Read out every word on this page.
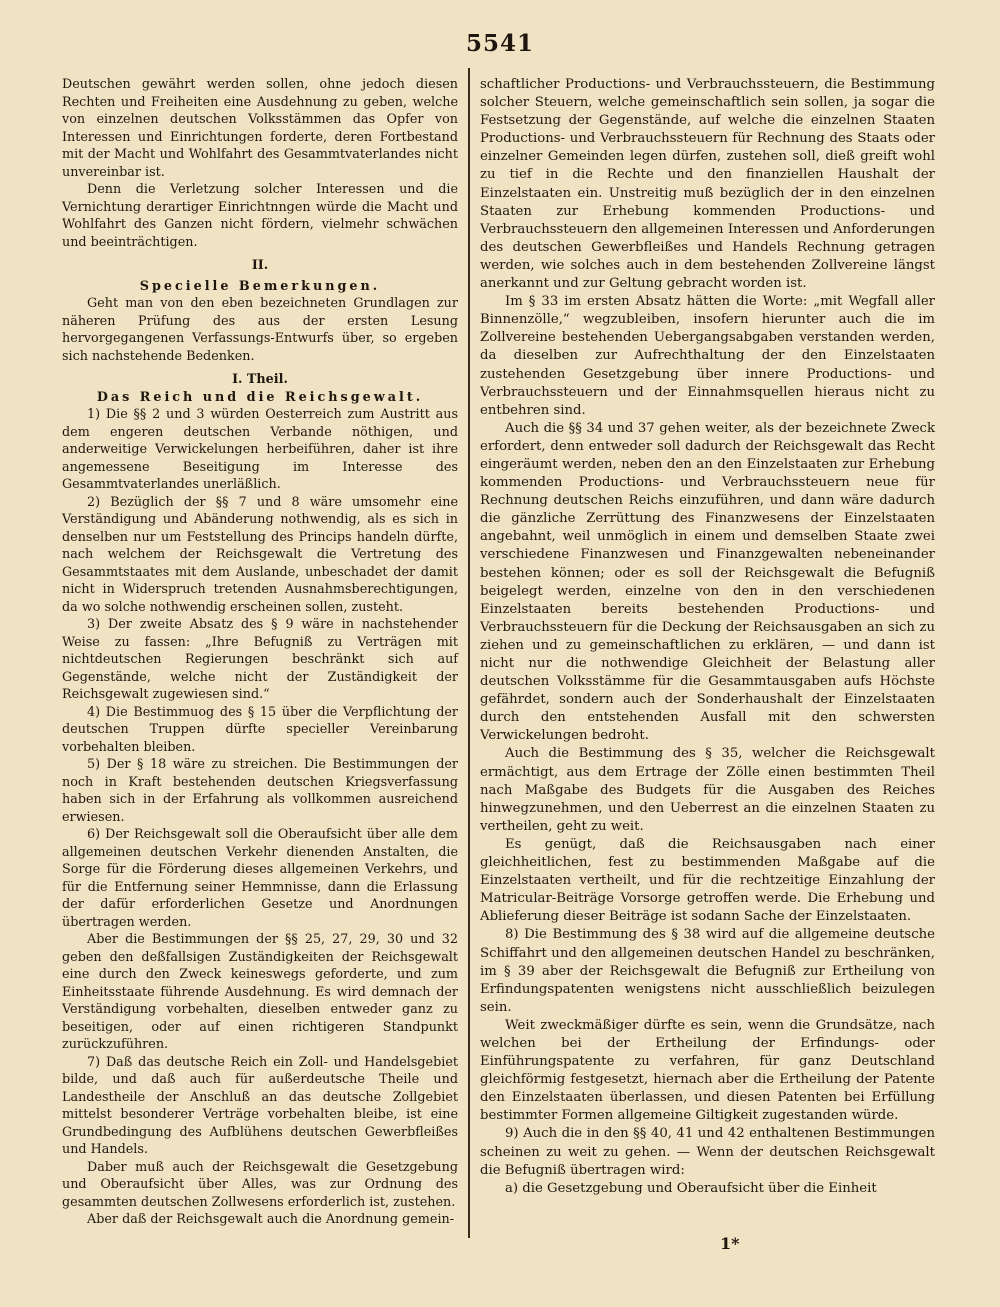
5541

Deutschen gewährt werden sollen, ohne jedoch diesen Rechten und Freiheiten eine Ausdehnung zu geben, welche von einzelnen deutschen Volksstämmen das Opfer von Interessen und Einrichtungen forderte, deren Fortbestand mit der Macht und Wohlfahrt des Gesammtvaterlandes nicht unvereinbar ist.

Denn die Verletzung solcher Interessen und die Vernichtung derartiger Einrichtnngen würde die Macht und Wohlfahrt des Ganzen nicht fördern, vielmehr schwächen und beeinträchtigen.

II.

Specielle Bemerkungen.

Geht man von den eben bezeichneten Grundlagen zur näheren Prüfung des aus der ersten Lesung hervorgegangenen Verfassungs-Entwurfs über, so ergeben sich nachstehende Bedenken.

I. Theil.

Das Reich und die Reichsgewalt.

1) Die §§ 2 und 3 würden Oesterreich zum Austritt aus dem engeren deutschen Verbande nöthigen, und anderweitige Verwickelungen herbeiführen, daher ist ihre angemessene Beseitigung im Interesse des Gesammtvaterlandes unerläßlich.

2) Bezüglich der §§ 7 und 8 wäre umsomehr eine Verständigung und Abänderung nothwendig, als es sich in denselben nur um Feststellung des Princips handeln dürfte, nach welchem der Reichsgewalt die Vertretung des Gesammtstaates mit dem Auslande, unbeschadet der damit nicht in Widerspruch tretenden Ausnahmsberechtigungen, da wo solche nothwendig erscheinen sollen, zusteht.

3) Der zweite Absatz des § 9 wäre in nachstehender Weise zu fassen: „Ihre Befugniß zu Verträgen mit nichtdeutschen Regierungen beschränkt sich auf Gegenstände, welche nicht der Zuständigkeit der Reichsgewalt zugewiesen sind.“

4) Die Bestimmuog des § 15 über die Verpflichtung der deutschen Truppen dürfte specieller Vereinbarung vorbehalten bleiben.

5) Der § 18 wäre zu streichen. Die Bestimmungen der noch in Kraft bestehenden deutschen Kriegsverfassung haben sich in der Erfahrung als vollkommen ausreichend erwiesen.

6) Der Reichsgewalt soll die Oberaufsicht über alle dem allgemeinen deutschen Verkehr dienenden Anstalten, die Sorge für die Förderung dieses allgemeinen Verkehrs, und für die Entfernung seiner Hemmnisse, dann die Erlassung der dafür erforderlichen Gesetze und Anordnungen übertragen werden.

Aber die Bestimmungen der §§ 25, 27, 29, 30 und 32 geben den deßfallsigen Zuständigkeiten der Reichsgewalt eine durch den Zweck keineswegs geforderte, und zum Einheitsstaate führende Ausdehnung. Es wird demnach der Verständigung vorbehalten, dieselben entweder ganz zu beseitigen, oder auf einen richtigeren Standpunkt zurückzuführen.

7) Daß das deutsche Reich ein Zoll- und Handelsgebiet bilde, und daß auch für außerdeutsche Theile und Landestheile der Anschluß an das deutsche Zollgebiet mittelst besonderer Verträge vorbehalten bleibe, ist eine Grundbedingung des Aufblühens deutschen Gewerbfleißes und Handels.

Daber muß auch der Reichsgewalt die Gesetzgebung und Oberaufsicht über Alles, was zur Ordnung des gesammten deutschen Zollwesens erforderlich ist, zustehen.

Aber daß der Reichsgewalt auch die Anordnung gemein-

schaftlicher Productions- und Verbrauchssteuern, die Bestimmung solcher Steuern, welche gemeinschaftlich sein sollen, ja sogar die Festsetzung der Gegenstände, auf welche die einzelnen Staaten Productions- und Verbrauchssteuern für Rechnung des Staats oder einzelner Gemeinden legen dürfen, zustehen soll, dieß greift wohl zu tief in die Rechte und den finanziellen Haushalt der Einzelstaaten ein. Unstreitig muß bezüglich der in den einzelnen Staaten zur Erhebung kommenden Productions- und Verbrauchssteuern den allgemeinen Interessen und Anforderungen des deutschen Gewerbfleißes und Handels Rechnung getragen werden, wie solches auch in dem bestehenden Zollvereine längst anerkannt und zur Geltung gebracht worden ist.

Im § 33 im ersten Absatz hätten die Worte: „mit Wegfall aller Binnenzölle,“ wegzubleiben, insofern hierunter auch die im Zollvereine bestehenden Uebergangsabgaben verstanden werden, da dieselben zur Aufrechthaltung der den Einzelstaaten zustehenden Gesetzgebung über innere Productions- und Verbrauchssteuern und der Einnahmsquellen hieraus nicht zu entbehren sind.

Auch die §§ 34 und 37 gehen weiter, als der bezeichnete Zweck erfordert, denn entweder soll dadurch der Reichsgewalt das Recht eingeräumt werden, neben den an den Einzelstaaten zur Erhebung kommenden Productions- und Verbrauchssteuern neue für Rechnung deutschen Reichs einzuführen, und dann wäre dadurch die gänzliche Zerrüttung des Finanzwesens der Einzelstaaten angebahnt, weil unmöglich in einem und demselben Staate zwei verschiedene Finanzwesen und Finanzgewalten nebeneinander bestehen können; oder es soll der Reichsgewalt die Befugniß beigelegt werden, einzelne von den in den verschiedenen Einzelstaaten bereits bestehenden Productions- und Verbrauchssteuern für die Deckung der Reichsausgaben an sich zu ziehen und zu gemeinschaftlichen zu erklären, — und dann ist nicht nur die nothwendige Gleichheit der Belastung aller deutschen Volksstämme für die Gesammtausgaben aufs Höchste gefährdet, sondern auch der Sonderhaushalt der Einzelstaaten durch den entstehenden Ausfall mit den schwersten Verwickelungen bedroht.

Auch die Bestimmung des § 35, welcher die Reichsgewalt ermächtigt, aus dem Ertrage der Zölle einen bestimmten Theil nach Maßgabe des Budgets für die Ausgaben des Reiches hinwegzunehmen, und den Ueberrest an die einzelnen Staaten zu vertheilen, geht zu weit.

Es genügt, daß die Reichsausgaben nach einer gleichheitlichen, fest zu bestimmenden Maßgabe auf die Einzelstaaten vertheilt, und für die rechtzeitige Einzahlung der Matricular-Beiträge Vorsorge getroffen werde. Die Erhebung und Ablieferung dieser Beiträge ist sodann Sache der Einzelstaaten.

8) Die Bestimmung des § 38 wird auf die allgemeine deutsche Schiffahrt und den allgemeinen deutschen Handel zu beschränken, im § 39 aber der Reichsgewalt die Befugniß zur Ertheilung von Erfindungspatenten wenigstens nicht ausschließlich beizulegen sein.

Weit zweckmäßiger dürfte es sein, wenn die Grundsätze, nach welchen bei der Ertheilung der Erfindungs- oder Einführungspatente zu verfahren, für ganz Deutschland gleichförmig festgesetzt, hiernach aber die Ertheilung der Patente den Einzelstaaten überlassen, und diesen Patenten bei Erfüllung bestimmter Formen allgemeine Giltigkeit zugestanden würde.

9) Auch die in den §§ 40, 41 und 42 enthaltenen Bestimmungen scheinen zu weit zu gehen. — Wenn der deutschen Reichsgewalt die Befugniß übertragen wird:

a) die Gesetzgebung und Oberaufsicht über die Einheit

1*
